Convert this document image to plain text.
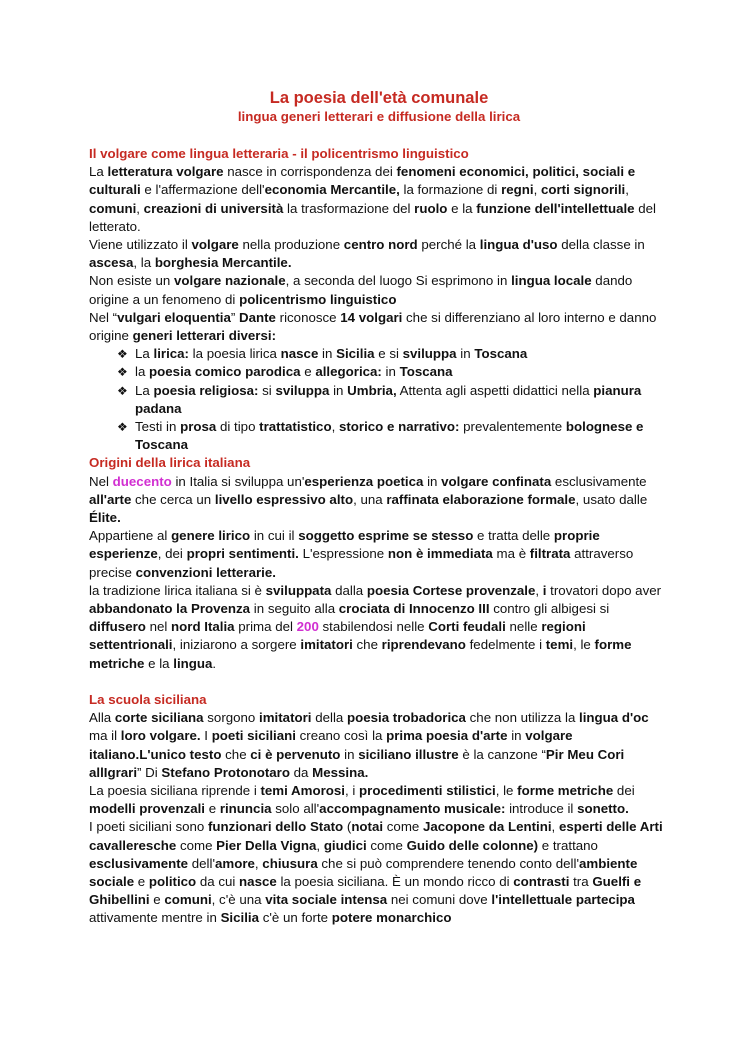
La poesia dell'età comunale
lingua generi letterari e diffusione della lirica
Il volgare come lingua letteraria - il policentrismo linguistico

La letteratura volgare nasce in corrispondenza dei fenomeni economici, politici, sociali e culturali e l'affermazione dell'economia Mercantile, la formazione di regni, corti signorili, comuni, creazioni di università la trasformazione del ruolo e la funzione dell'intellettuale del letterato.

Viene utilizzato il volgare nella produzione centro nord perché la lingua d'uso della classe in ascesa, la borghesia Mercantile.

Non esiste un volgare nazionale, a seconda del luogo Si esprimono in lingua locale dando origine a un fenomeno di policentrismo linguistico

Nel “vulgari eloquentia” Dante riconosce 14 volgari che si differenziano al loro interno e danno origine generi letterari diversi:

❖ La lirica: la poesia lirica nasce in Sicilia e si sviluppa in Toscana
❖ la poesia comico parodica e allegorica: in Toscana
❖ La poesia religiosa: si sviluppa in Umbria, Attenta agli aspetti didattici nella pianura padana
❖ Testi in prosa di tipo trattatistico, storico e narrativo: prevalentemente bolognese e Toscana
Origini della lirica italiana

Nel duecento in Italia si sviluppa un'esperienza poetica in volgare confinata esclusivamente all'arte che cerca un livello espressivo alto, una raffinata elaborazione formale, usato dalle Élite.

Appartiene al genere lirico in cui il soggetto esprime se stesso e tratta delle proprie esperienze, dei propri sentimenti. L'espressione non è immediata ma è filtrata attraverso precise convenzioni letterarie.

la tradizione lirica italiana si è sviluppata dalla poesia Cortese provenzale, i trovatori dopo aver abbandonato la Provenza in seguito alla crociata di Innocenzo III contro gli albigesi si diffusero nel nord Italia prima del 200 stabilendosi nelle Corti feudali nelle regioni settentrionali, iniziarono a sorgere imitatori che riprendevano fedelmente i temi, le forme metriche e la lingua.

La scuola siciliana

Alla corte siciliana sorgono imitatori della poesia trobadorica che non utilizza la lingua d'oc ma il loro volgare. I poeti siciliani creano così la prima poesia d'arte in volgare italiano.L'unico testo che ci è pervenuto in siciliano illustre è la canzone “Pir Meu Cori allIgrari” Di Stefano Protonotaro da Messina.

La poesia siciliana riprende i temi Amorosi, i procedimenti stilistici, le forme metriche dei modelli provenzali e rinuncia solo all'accompagnamento musicale: introduce il sonetto.

I poeti siciliani sono funzionari dello Stato (notai come Jacopone da Lentini, esperti delle Arti cavalleresche come Pier Della Vigna, giudici come Guido delle colonne) e trattano esclusivamente dell'amore, chiusura che si può comprendere tenendo conto dell'ambiente sociale e politico da cui nasce la poesia siciliana. È un mondo ricco di contrasti tra Guelfi e Ghibellini e comuni, c'è una vita sociale intensa nei comuni dove l'intellettuale partecipa attivamente mentre in Sicilia c'è un forte potere monarchico
